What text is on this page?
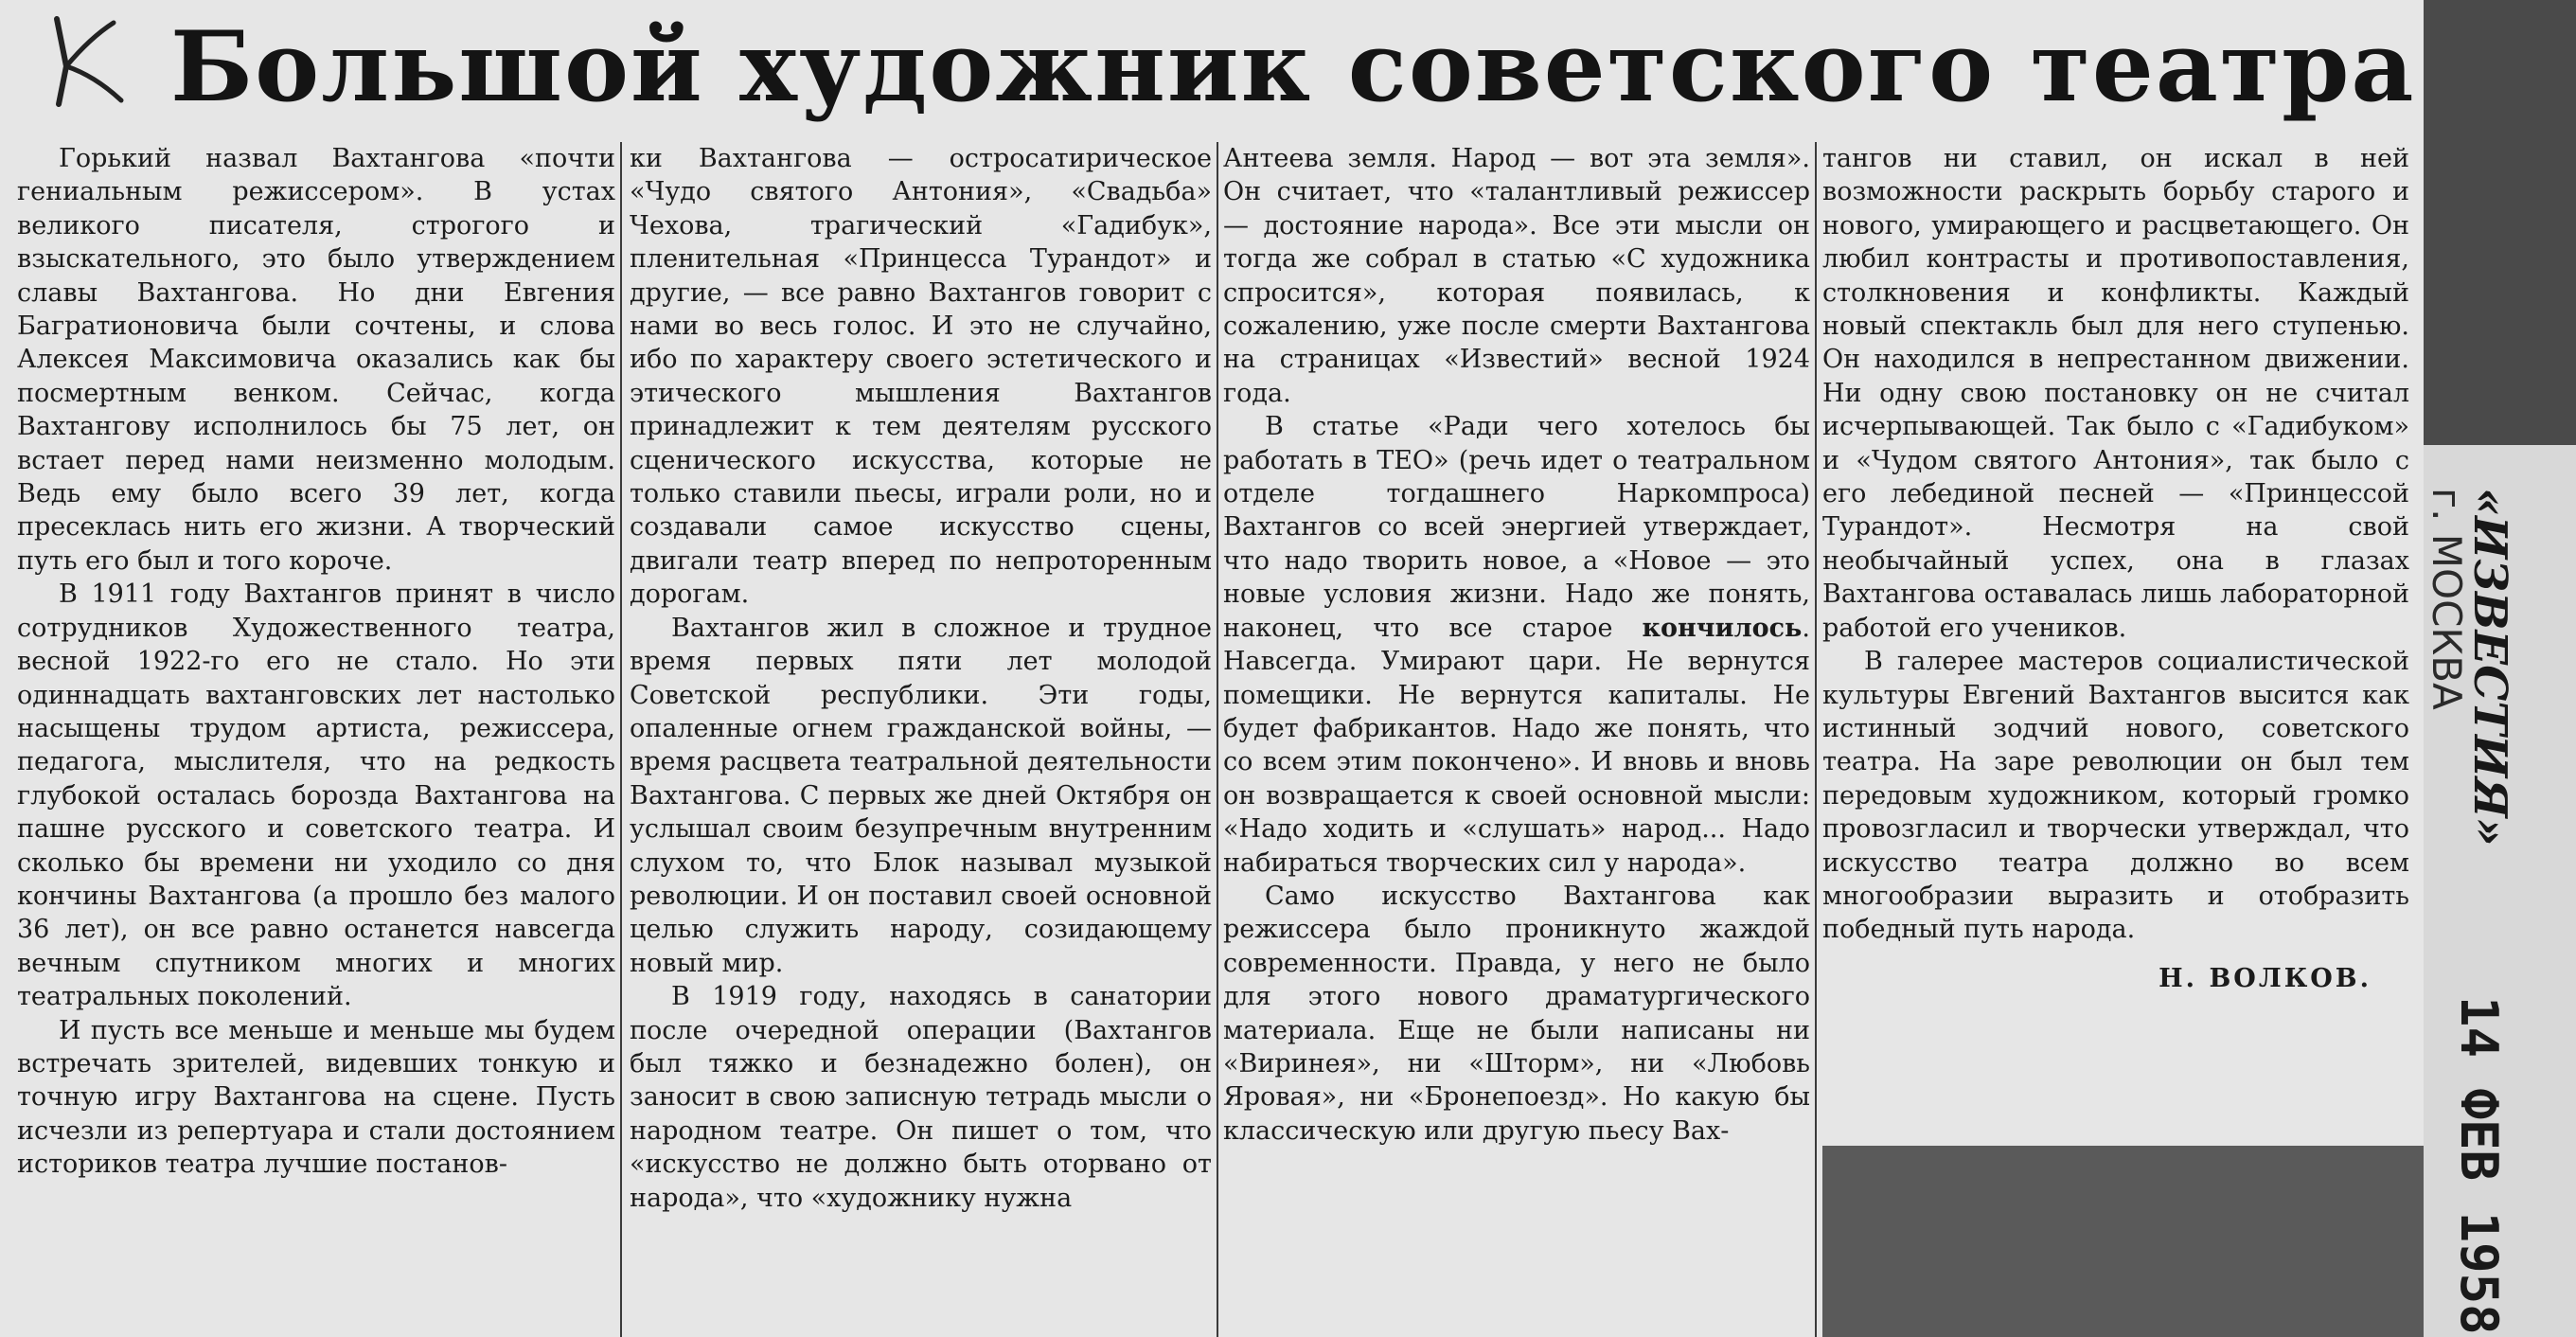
Большой художник советского театра

Горький назвал Вахтангова «почти гениальным режиссером». В устах великого писателя, строгого и взыскательного, это было утверждением славы Вахтангова. Но дни Евгения Багратионовича были сочтены, и слова Алексея Максимовича оказались как бы посмертным венком. Сейчас, когда Вахтангову исполнилось бы 75 лет, он встает перед нами неизменно молодым. Ведь ему было всего 39 лет, когда пресеклась нить его жизни. А творческий путь его был и того короче.

В 1911 году Вахтангов принят в число сотрудников Художественного театра, весной 1922-го его не стало. Но эти одиннадцать вахтанговских лет настолько насыщены трудом артиста, режиссера, педагога, мыслителя, что на редкость глубокой осталась борозда Вахтангова на пашне русского и советского театра. И сколько бы времени ни уходило со дня кончины Вахтангова (а прошло без малого 36 лет), он все равно останется навсегда вечным спутником многих и многих театральных поколений.

И пусть все меньше и меньше мы будем встречать зрителей, видевших тонкую и точную игру Вахтангова на сцене. Пусть исчезли из репертуара и стали достоянием историков театра лучшие постанов-

ки Вахтангова — остросатирическое «Чудо святого Антония», «Свадьба» Чехова, трагический «Гадибук», пленительная «Принцесса Турандот» и другие, — все равно Вахтангов говорит с нами во весь голос. И это не случайно, ибо по характеру своего эстетического и этического мышления Вахтангов принадлежит к тем деятелям русского сценического искусства, которые не только ставили пьесы, играли роли, но и создавали самое искусство сцены, двигали театр вперед по непроторенным дорогам.

Вахтангов жил в сложное и трудное время первых пяти лет молодой Советской республики. Эти годы, опаленные огнем гражданской войны, — время расцвета театральной деятельности Вахтангова. С первых же дней Октября он услышал своим безупречным внутренним слухом то, что Блок называл музыкой революции. И он поставил своей основной целью служить народу, созидающему новый мир.

В 1919 году, находясь в санатории после очередной операции (Вахтангов был тяжко и безнадежно болен), он заносит в свою записную тетрадь мысли о народном театре. Он пишет о том, что «искусство не должно быть оторвано от народа», что «художнику нужна

Антеева земля. Народ — вот эта земля». Он считает, что «талантливый режиссер — достояние народа». Все эти мысли он тогда же собрал в статью «С художника спросится», которая появилась, к сожалению, уже после смерти Вахтангова на страницах «Известий» весной 1924 года.

В статье «Ради чего хотелось бы работать в ТЕО» (речь идет о театральном отделе тогдашнего Наркомпроса) Вахтангов со всей энергией утверждает, что надо творить новое, а «Новое — это новые условия жизни. Надо же понять, наконец, что все старое кончилось. Навсегда. Умирают цари. Не вернутся помещики. Не вернутся капиталы. Не будет фабрикантов. Надо же понять, что со всем этим покончено». И вновь и вновь он возвращается к своей основной мысли: «Надо ходить и «слушать» народ... Надо набираться творческих сил у народа».

Само искусство Вахтангова как режиссера было проникнуто жаждой современности. Правда, у него не было для этого нового драматургического материала. Еще не были написаны ни «Виринея», ни «Шторм», ни «Любовь Яровая», ни «Бронепоезд». Но какую бы классическую или другую пьесу Вах-

тангов ни ставил, он искал в ней возможности раскрыть борьбу старого и нового, умирающего и расцветающего. Он любил контрасты и противопоставления, столкновения и конфликты. Каждый новый спектакль был для него ступенью. Он находился в непрестанном движении. Ни одну свою постановку он не считал исчерпывающей. Так было с «Гадибуком» и «Чудом святого Антония», так было с его лебединой песней — «Принцессой Турандот». Несмотря на свой необычайный успех, она в глазах Вахтангова оставалась лишь лабораторной работой его учеников.

В галерее мастеров социалистической культуры Евгений Вахтангов высится как истинный зодчий нового, советского театра. На заре революции он был тем передовым художником, который громко провозгласил и творчески утверждал, что искусство театра должно во всем многообразии выразить и отобразить победный путь народа.

Н. ВОЛКОВ.

«ИЗВЕСТИЯ»
г. МОСКВА
14 ФЕВ 1958
